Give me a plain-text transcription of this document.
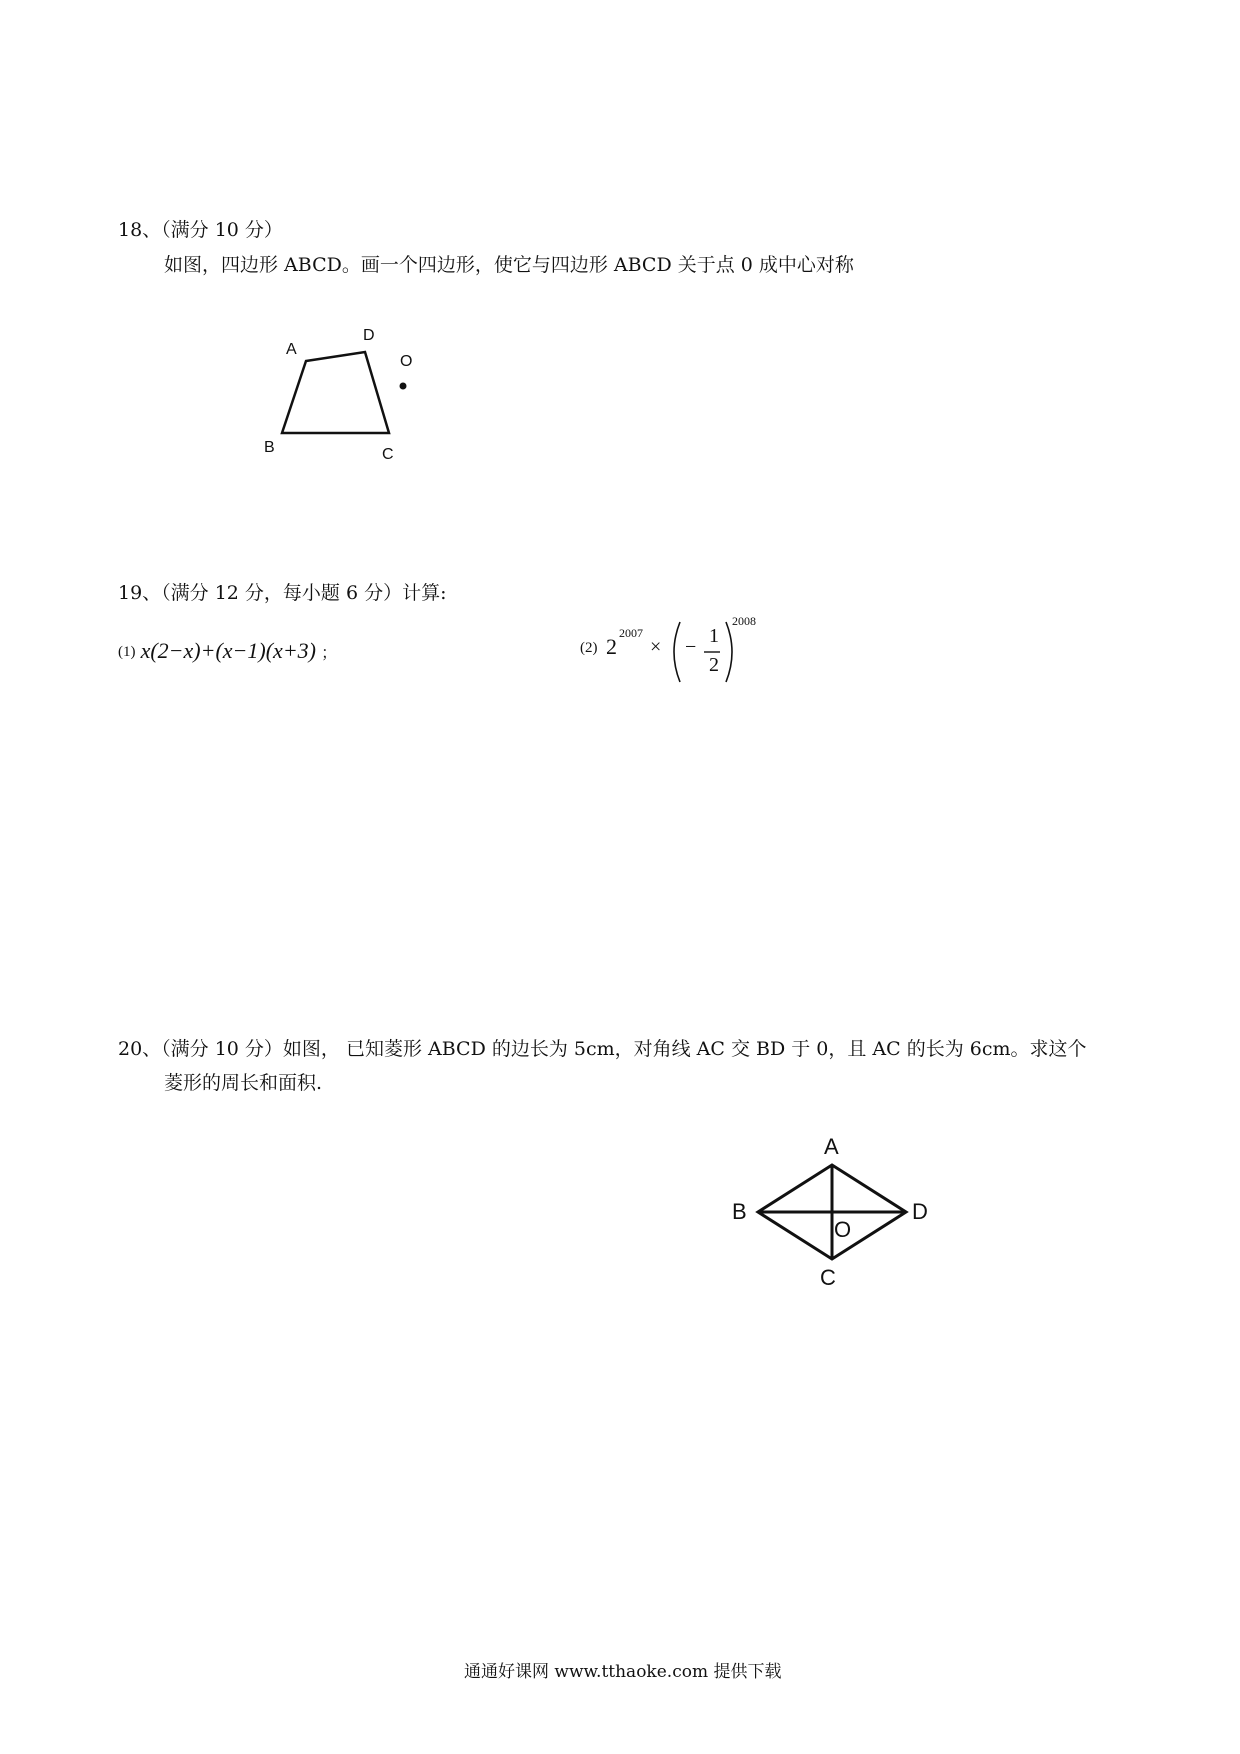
18、（满分 10 分）
如图，四边形 ABCD。画一个四边形，使它与四边形 ABCD 关于点 0 成中心对称
A
D
O
B	C
19、（满分 12 分，每小题 6 分）计算:
(1) x(2−x)+(x−1)(x+3) ；	(2) 2
2007
× − 1
2
2008
20、（满分 10 分）如图， 已知菱形 ABCD 的边长为 5cm，对角线 AC 交 BD 于 0，且 AC 的长为 6cm。求这个
菱形的周长和面积.
A
B	D
O
C
通通好课网 www.tthaoke.com 提供下载
